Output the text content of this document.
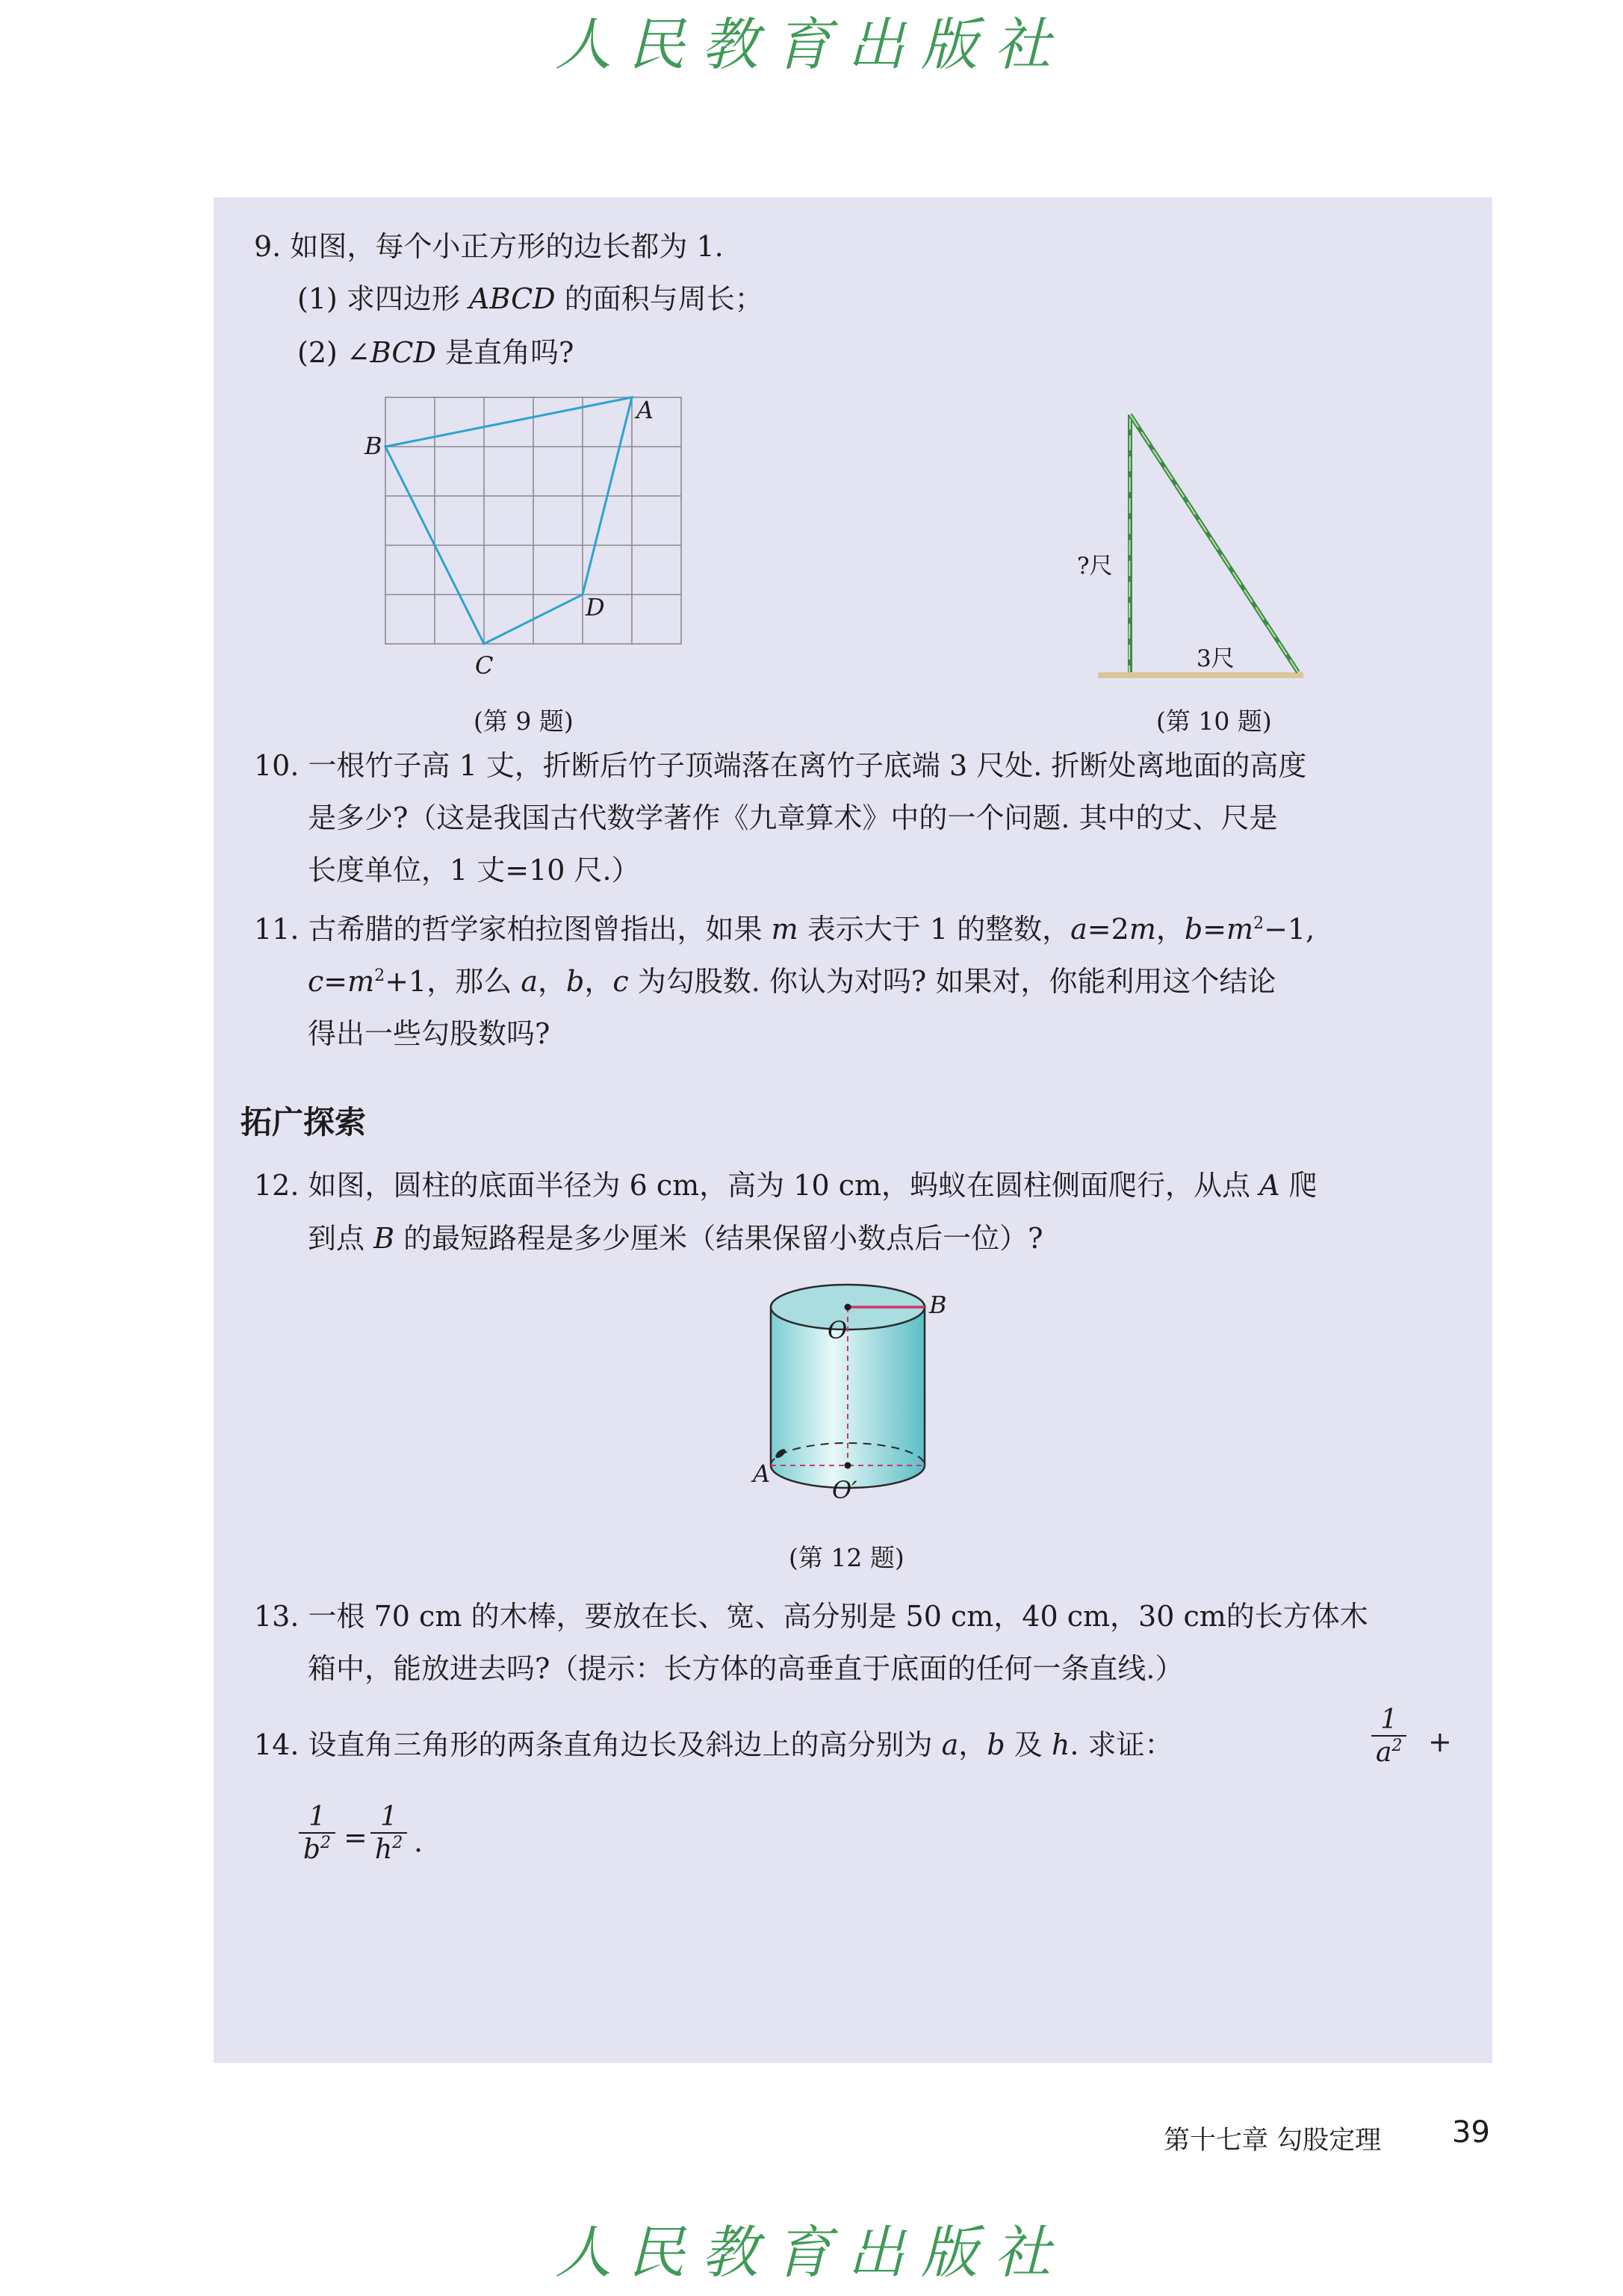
人民教育出版社
9. 如图，每个小正方形的边长都为 1.
(1) 求四边形 ABCD 的面积与周长；
(2) ∠BCD 是直角吗?
A
B
C
D
(第 9 题)
?尺
3尺
(第 10 题)
10. 一根竹子高 1 丈，折断后竹子顶端落在离竹子底端 3 尺处. 折断处离地面的高度
是多少?（这是我国古代数学著作《九章算术》中的一个问题. 其中的丈、尺是
长度单位，1 丈=10 尺.）
11. 古希腊的哲学家柏拉图曾指出，如果 m 表示大于 1 的整数，a=2m，$b=m^2-1$,
$c=m^2+1$，那么 a，b，c 为勾股数. 你认为对吗? 如果对，你能利用这个结论
得出一些勾股数吗?
拓广探索
12. 如图，圆柱的底面半径为 6 cm，高为 10 cm，蚂蚁在圆柱侧面爬行，从点 A 爬
到点 B 的最短路程是多少厘米（结果保留小数点后一位）?
B
O
A
O′
(第 12 题)
13. 一根 70 cm 的木棒，要放在长、宽、高分别是 50 cm，40 cm，30 cm的长方体木
箱中，能放进去吗?（提示：长方体的高垂直于底面的任何一条直线.）
14. 设直角三角形的两条直角边长及斜边上的高分别为 a，b 及 h. 求证：	$\frac{1}{a^2}$ +
$\frac{1}{b^2} = \frac{1}{h^2}$ .
第十七章 勾股定理 39
人民教育出版社
